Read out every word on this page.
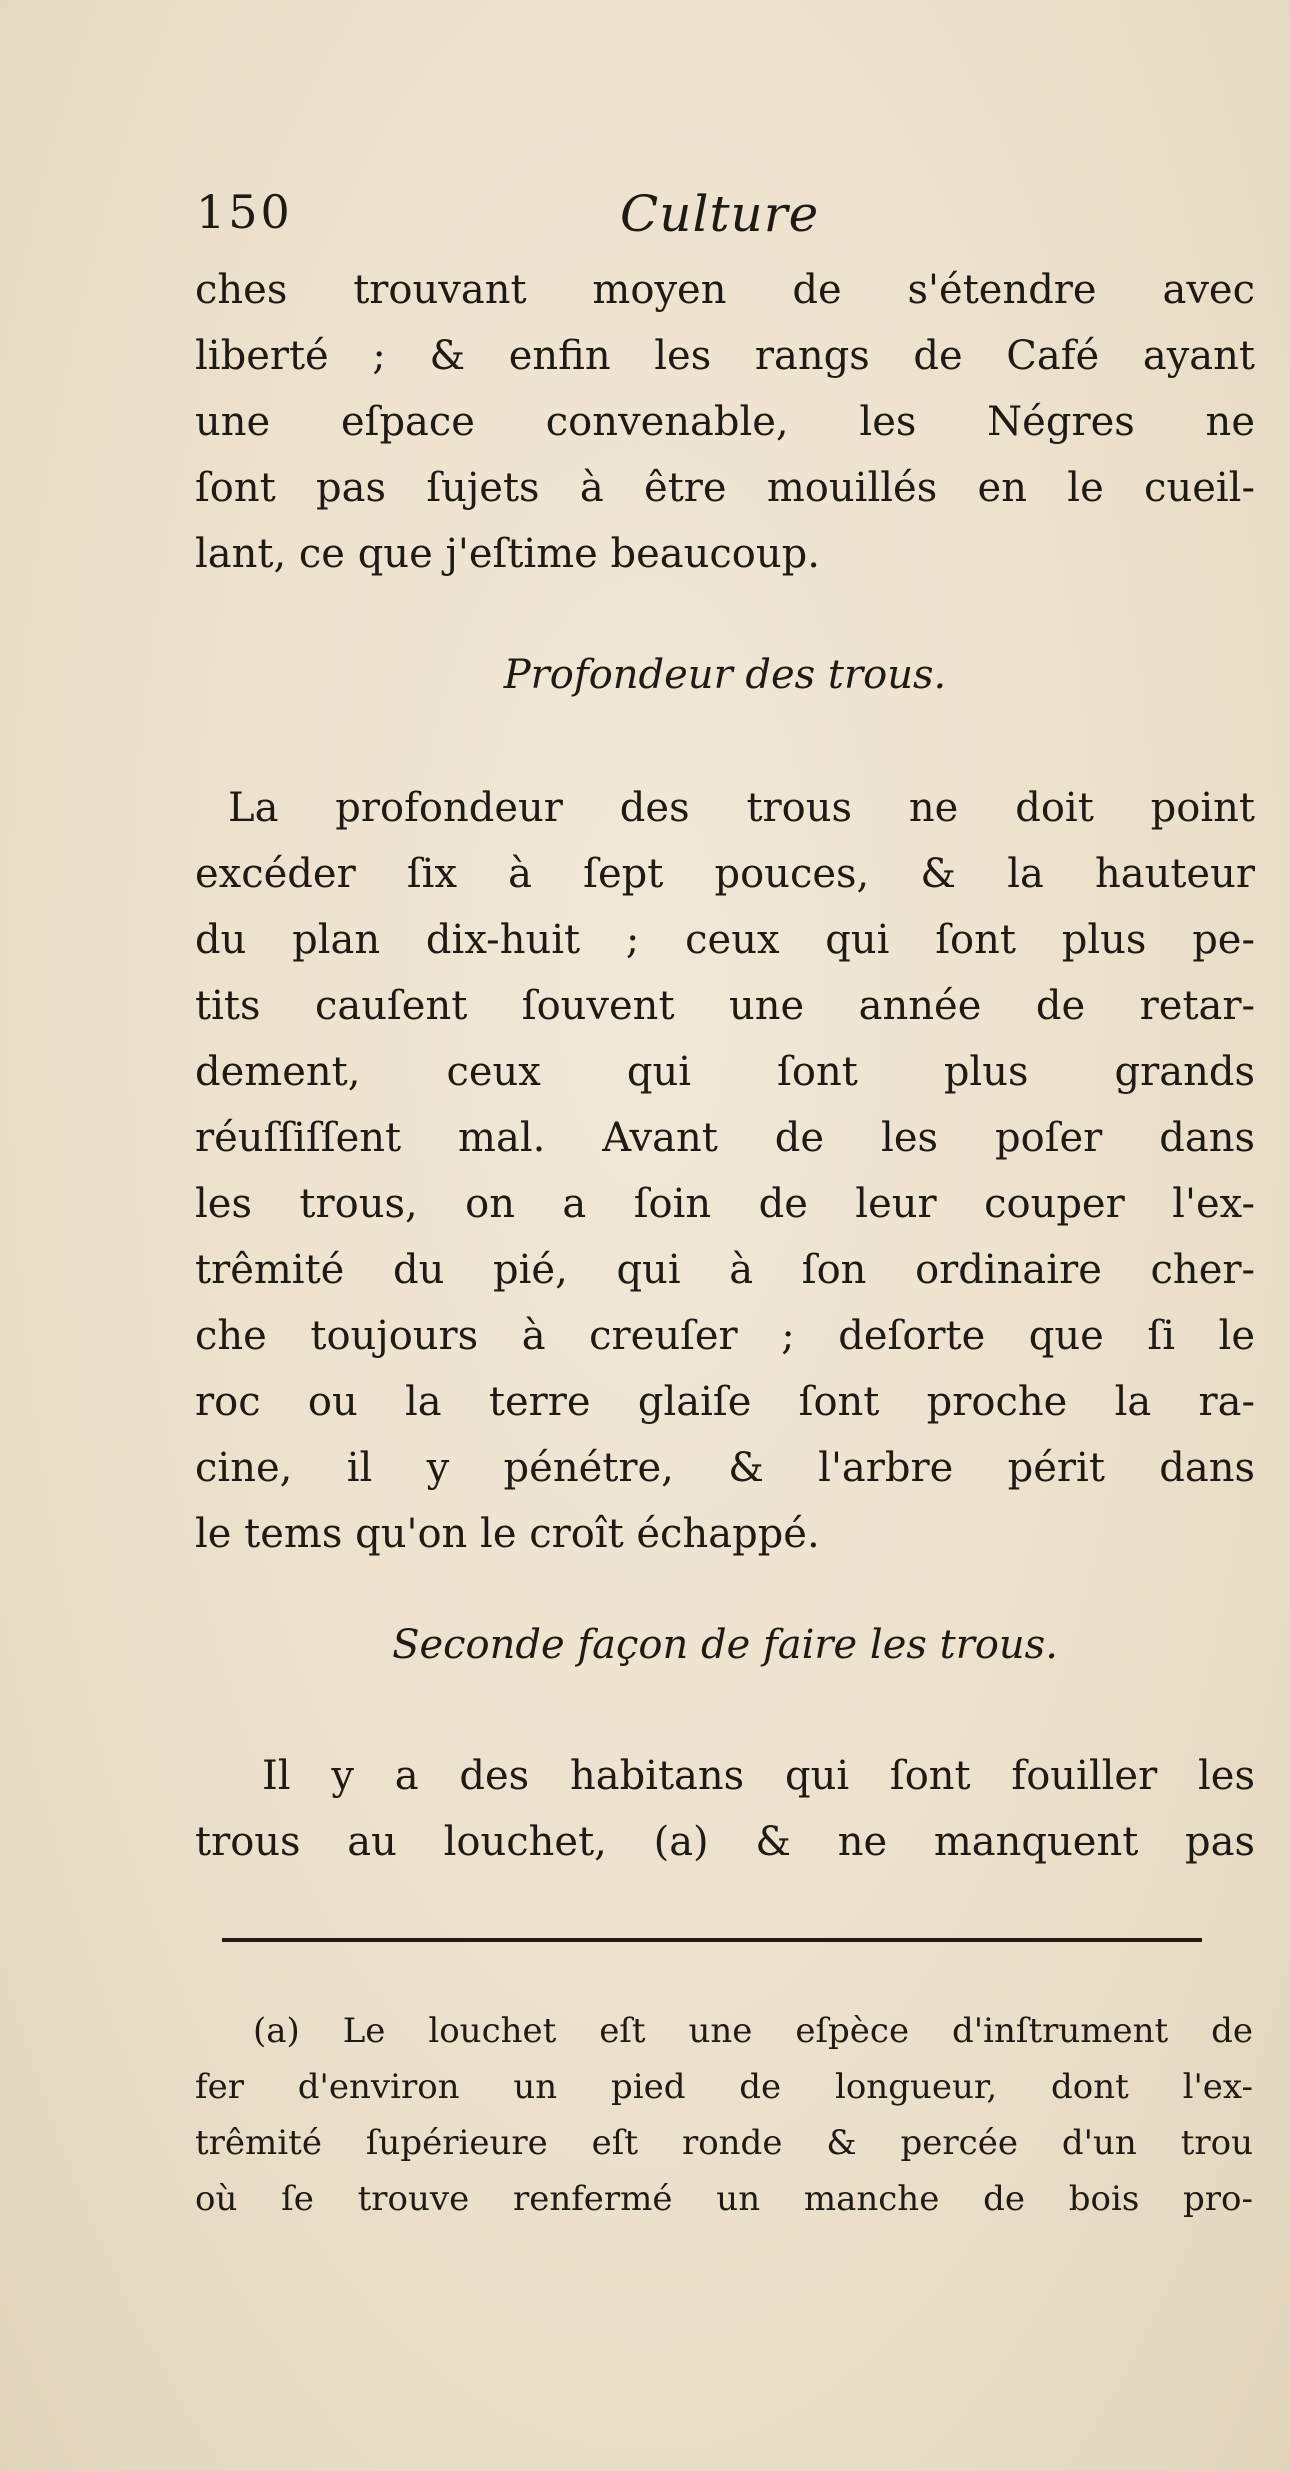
150	Culture
ches trouvant moyen de s'étendre avec
liberté ; & enfin les rangs de Café ayant
une eſpace convenable, les Négres ne
ſont pas ſujets à être mouillés en le cueil-
lant, ce que j'eſtime beaucoup.
Profondeur des trous.
La profondeur des trous ne doit point
excéder ſix à ſept pouces, & la hauteur
du plan dix-huit ; ceux qui ſont plus pe-
tits cauſent ſouvent une année de retar-
dement, ceux qui ſont plus grands
réuſſiſſent mal. Avant de les poſer dans
les trous, on a ſoin de leur couper l'ex-
trêmité du pié, qui à ſon ordinaire cher-
che toujours à creuſer ; deſorte que ſi le
roc ou la terre glaiſe ſont proche la ra-
cine, il y pénétre, & l'arbre périt dans
le tems qu'on le croît échappé.
Seconde façon de faire les trous.
Il y a des habitans qui ſont fouiller les
trous au louchet, (a) & ne manquent pas
(a) Le louchet eſt une eſpèce d'inſtrument de
fer d'environ un pied de longueur, dont l'ex-
trêmité ſupérieure eſt ronde & percée d'un trou
où ſe trouve renfermé un manche de bois pro-
